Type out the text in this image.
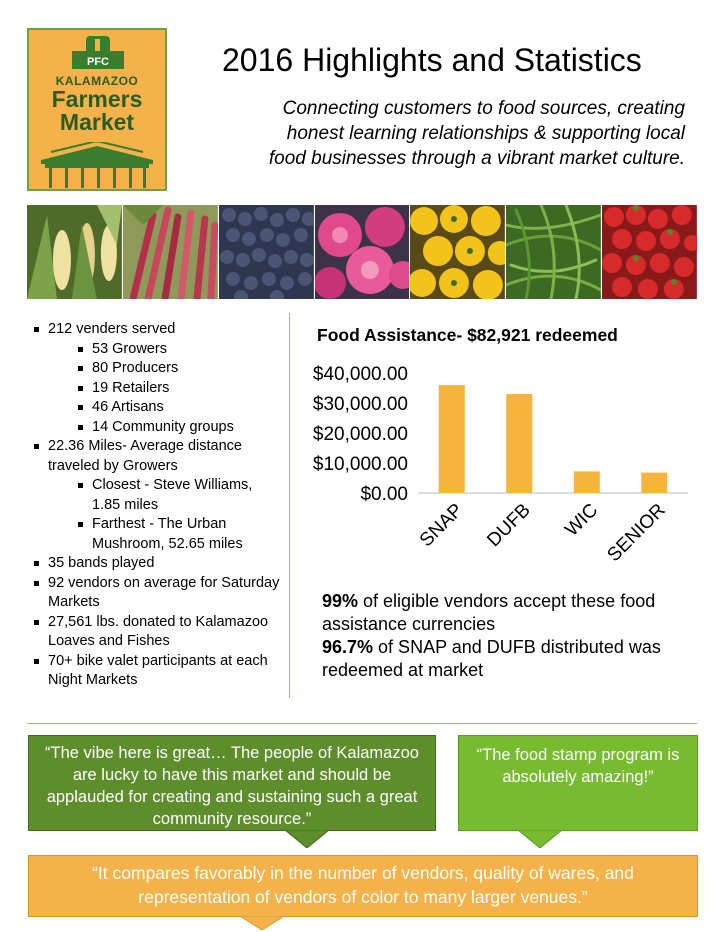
PFC
KALAMAZOO
Farmers
Market
2016 Highlights and Statistics
Connecting customers to food sources, creating
honest learning relationships & supporting local
food businesses through a vibrant market culture.
212 venders served
53 Growers
80 Producers
19 Retailers
46 Artisans
14 Community groups
22.36 Miles- Average distance traveled by Growers
Closest - Steve Williams, 1.85 miles
Farthest - The Urban Mushroom, 52.65 miles
35 bands played
92 vendors on average for Saturday Markets
27,561 lbs. donated to Kalamazoo Loaves and Fishes
70+ bike valet participants at each Night Markets
Food Assistance- $82,921 redeemed
$0.00
$10,000.00
$20,000.00
$30,000.00
$40,000.00
SNAP DUFB WIC SENIOR
99% of eligible vendors accept these food assistance currencies
96.7% of SNAP and DUFB distributed was redeemed at market
“The vibe here is great… The people of Kalamazoo are lucky to have this market and should be applauded for creating and sustaining such a great community resource.”
“The food stamp program is absolutely amazing!”
“It compares favorably in the number of vendors, quality of wares, and representation of vendors of color to many larger venues.”
